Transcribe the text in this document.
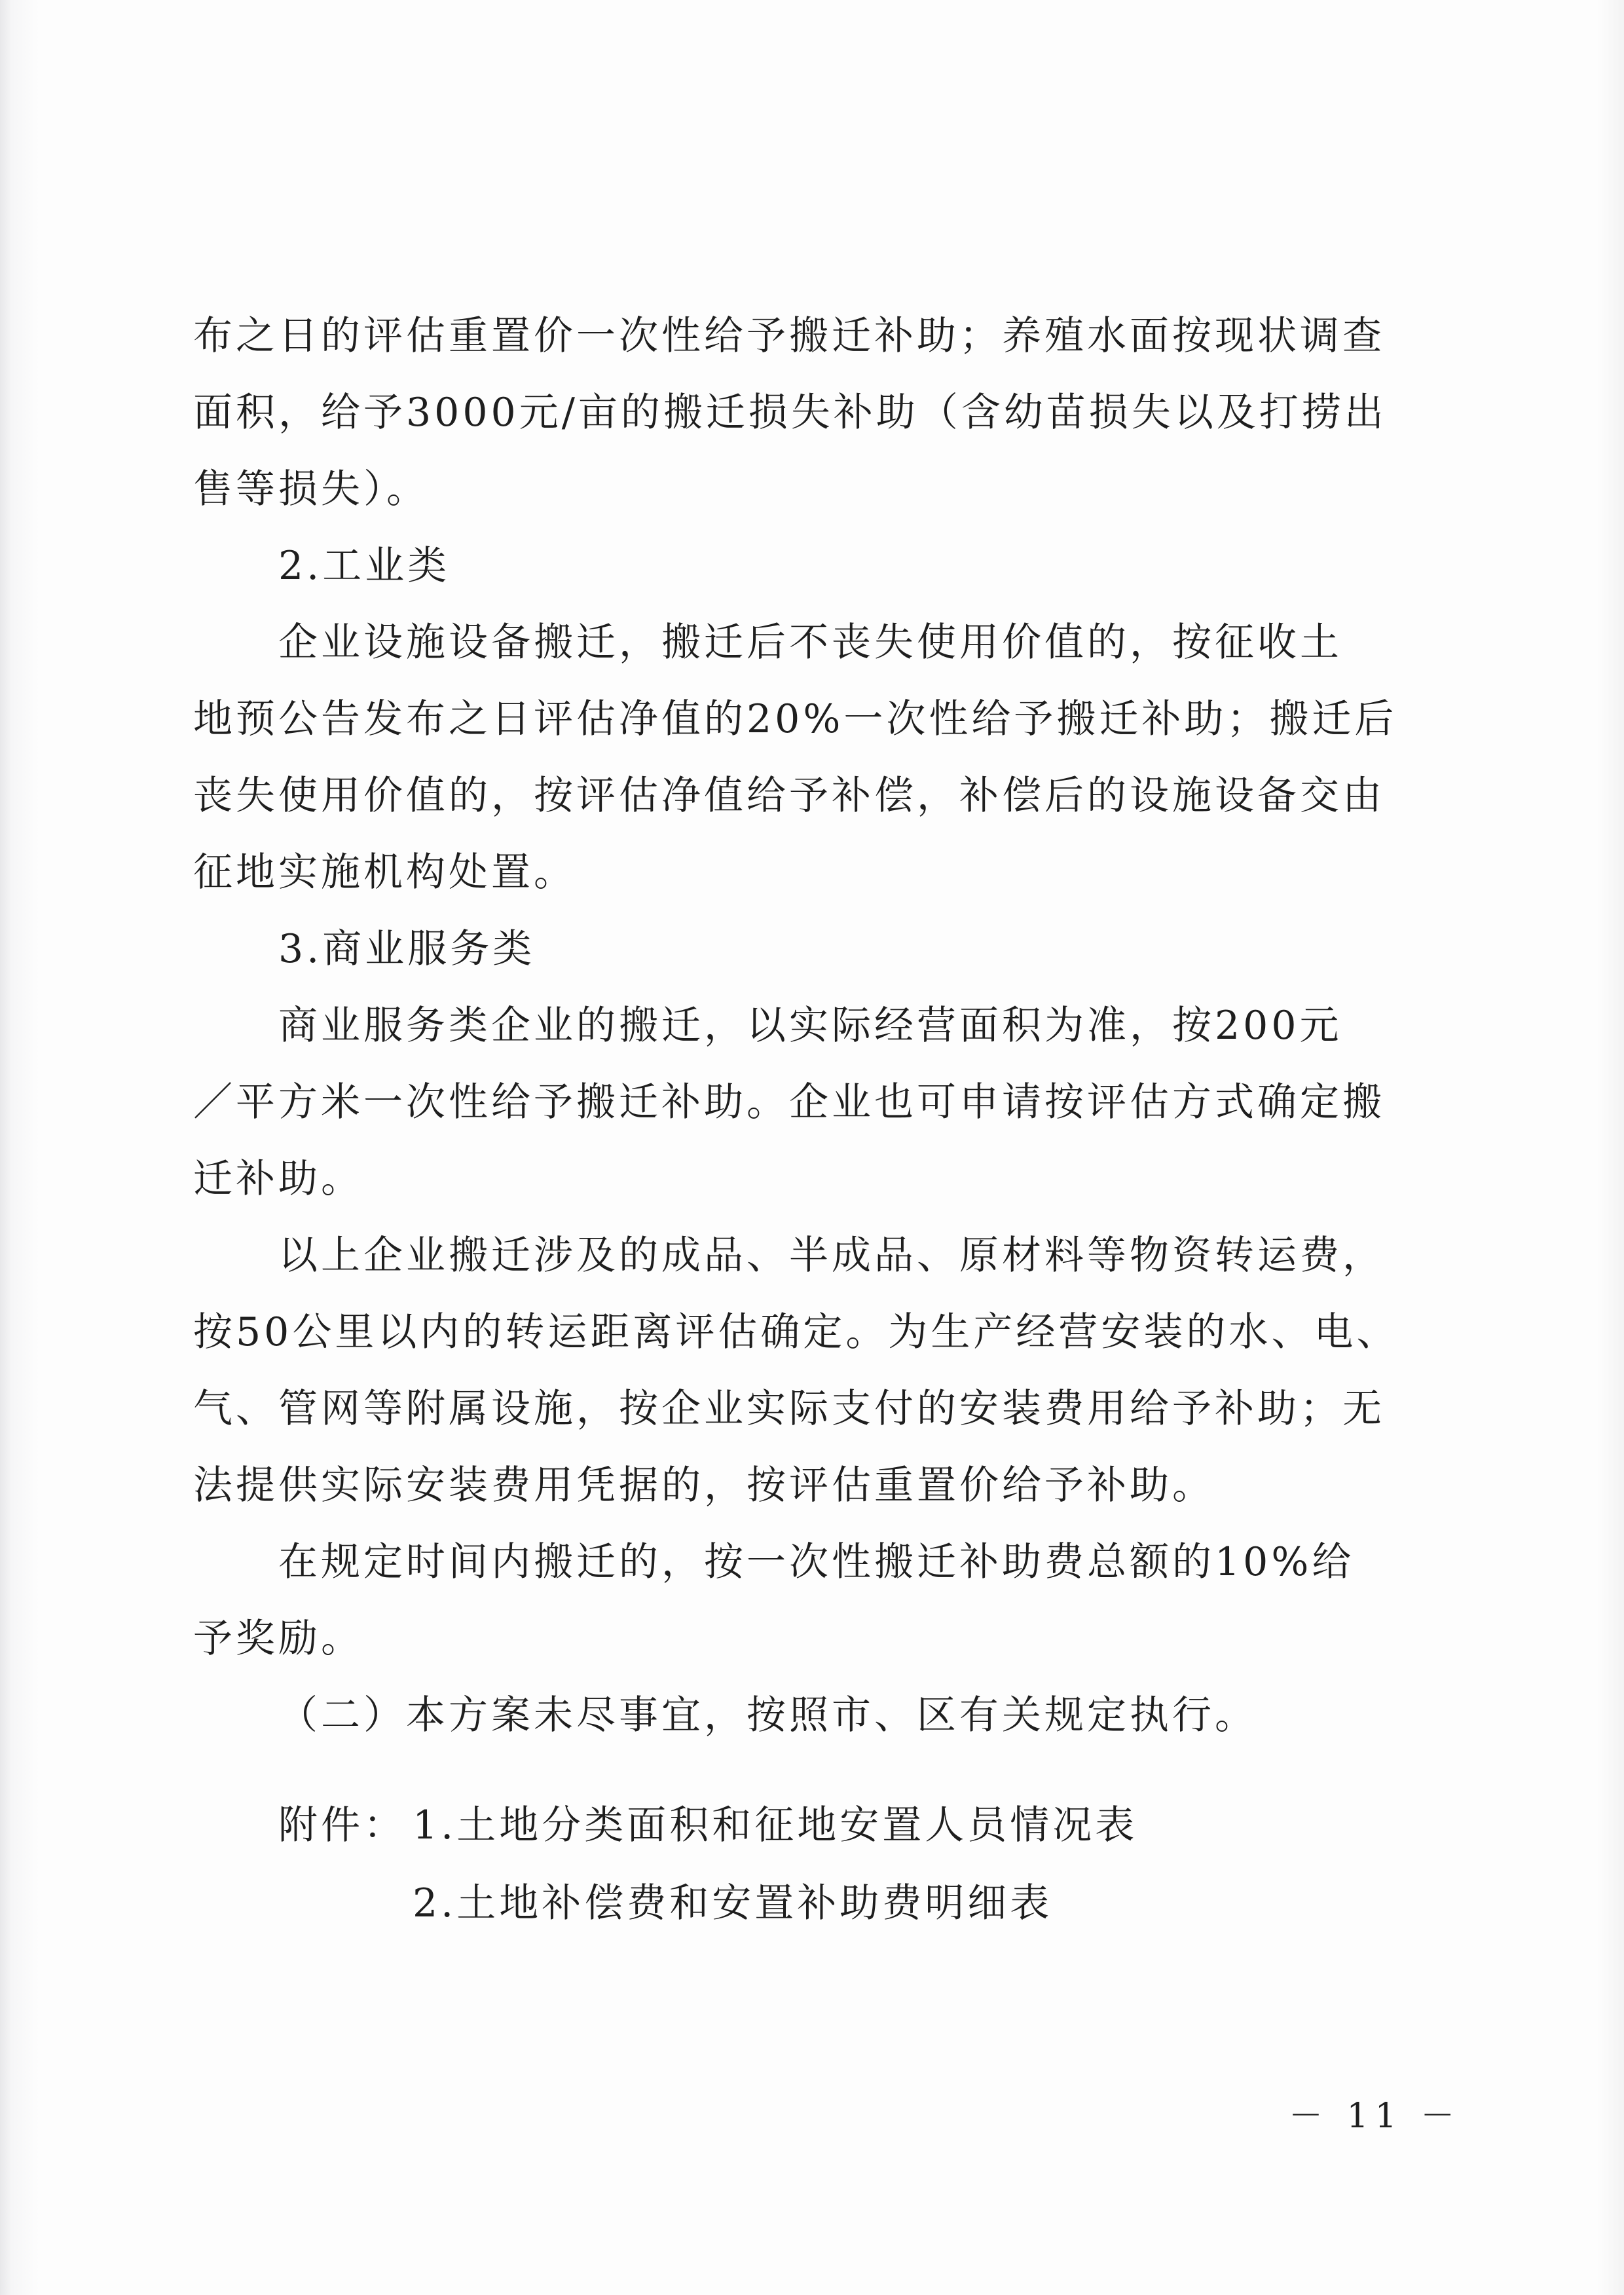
布之日的评估重置价一次性给予搬迁补助；养殖水面按现状调查

面积，给予3000元/亩的搬迁损失补助（含幼苗损失以及打捞出

售等损失）。

2.工业类

企业设施设备搬迁，搬迁后不丧失使用价值的，按征收土

地预公告发布之日评估净值的20%一次性给予搬迁补助；搬迁后

丧失使用价值的，按评估净值给予补偿，补偿后的设施设备交由

征地实施机构处置。

3.商业服务类

商业服务类企业的搬迁，以实际经营面积为准，按200元

／平方米一次性给予搬迁补助。企业也可申请按评估方式确定搬

迁补助。

以上企业搬迁涉及的成品、半成品、原材料等物资转运费，

按50公里以内的转运距离评估确定。为生产经营安装的水、电、

气、管网等附属设施，按企业实际支付的安装费用给予补助；无

法提供实际安装费用凭据的，按评估重置价给予补助。

在规定时间内搬迁的，按一次性搬迁补助费总额的10%给

予奖励。

（二）本方案未尽事宜，按照市、区有关规定执行。

附件： 1.土地分类面积和征地安置人员情况表
2.土地补偿费和安置补助费明细表
－ 11 －
